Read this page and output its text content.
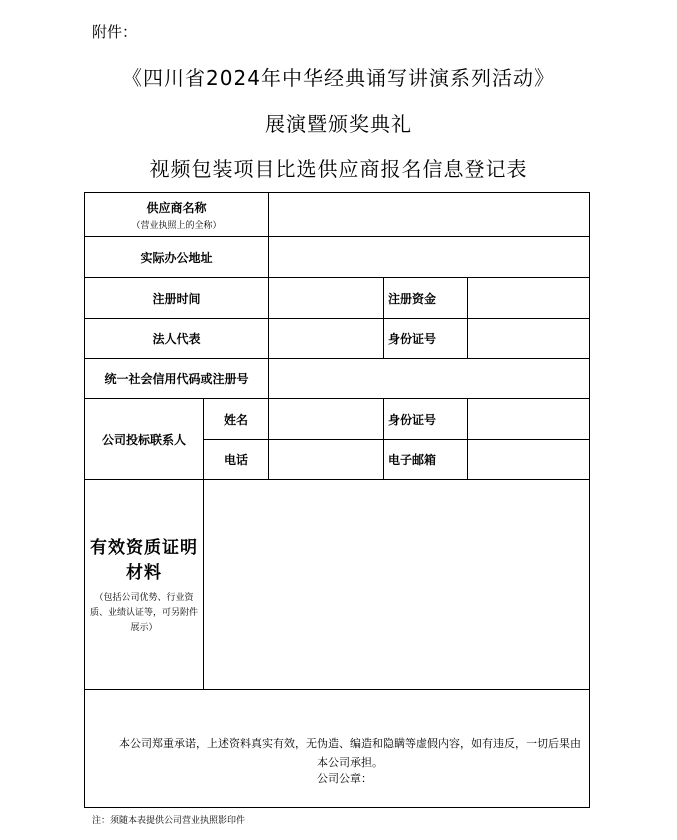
附件：
《四川省2024年中华经典诵写讲演系列活动》
展演暨颁奖典礼
视频包装项目比选供应商报名信息登记表
供应商名称
（营业执照上的全称）				

实际办公地址				
注册时间			注册资金	
法人代表			身份证号	
统一社会信用代码或注册号				
公司投标联系人	姓名		身份证号	
	电话		电子邮箱	

有效资质证明材料
（包括公司优势、行业资质、业绩认证等，可另附件展示）				

本公司郑重承诺，上述资料真实有效，无伪造、编造和隐瞒等虚假内容，如有违反，一切后果由本公司承担。
公司公章：				
注：须随本表提供公司营业执照影印件
